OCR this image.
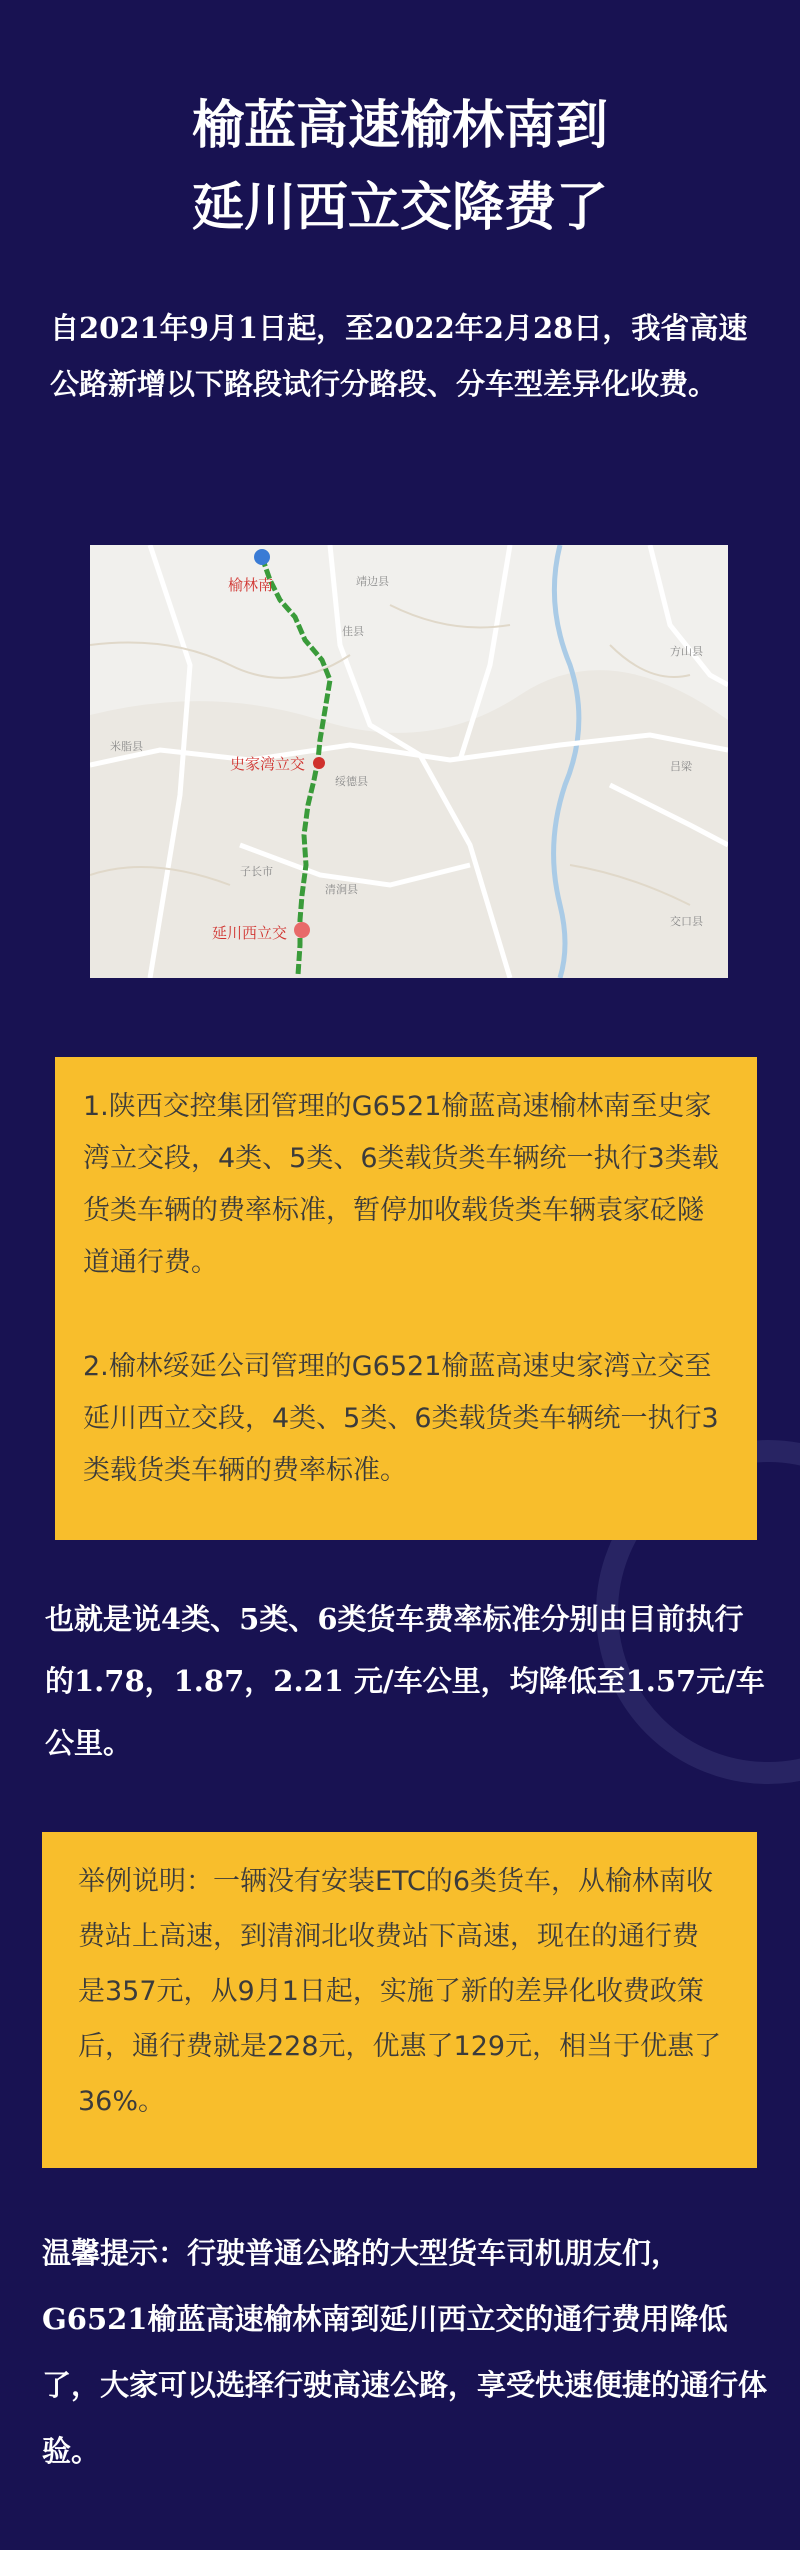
榆蓝高速榆林南到
延川西立交降费了
自2021年9月1日起，至2022年2月28日，我省高速公路新增以下路段试行分路段、分车型差异化收费。
榆林南
佳县
靖边县
史家湾立交
绥德县
米脂县
清涧县
子长市
延川西立交
方山县
吕梁
交口县

1.陕西交控集团管理的G6521榆蓝高速榆林南至史家湾立交段，4类、5类、6类载货类车辆统一执行3类载货类车辆的费率标准，暂停加收载货类车辆袁家砭隧道通行费。

2.榆林绥延公司管理的G6521榆蓝高速史家湾立交至延川西立交段，4类、5类、6类载货类车辆统一执行3类载货类车辆的费率标准。

也就是说4类、5类、6类货车费率标准分别由目前执行的1.78，1.87，2.21 元/车公里，均降低至1.57元/车公里。

举例说明：一辆没有安装ETC的6类货车，从榆林南收费站上高速，到清涧北收费站下高速，现在的通行费是357元，从9月1日起，实施了新的差异化收费政策后，通行费就是228元，优惠了129元，相当于优惠了36%。

温馨提示：行驶普通公路的大型货车司机朋友们，G6521榆蓝高速榆林南到延川西立交的通行费用降低了，大家可以选择行驶高速公路，享受快速便捷的通行体验。
